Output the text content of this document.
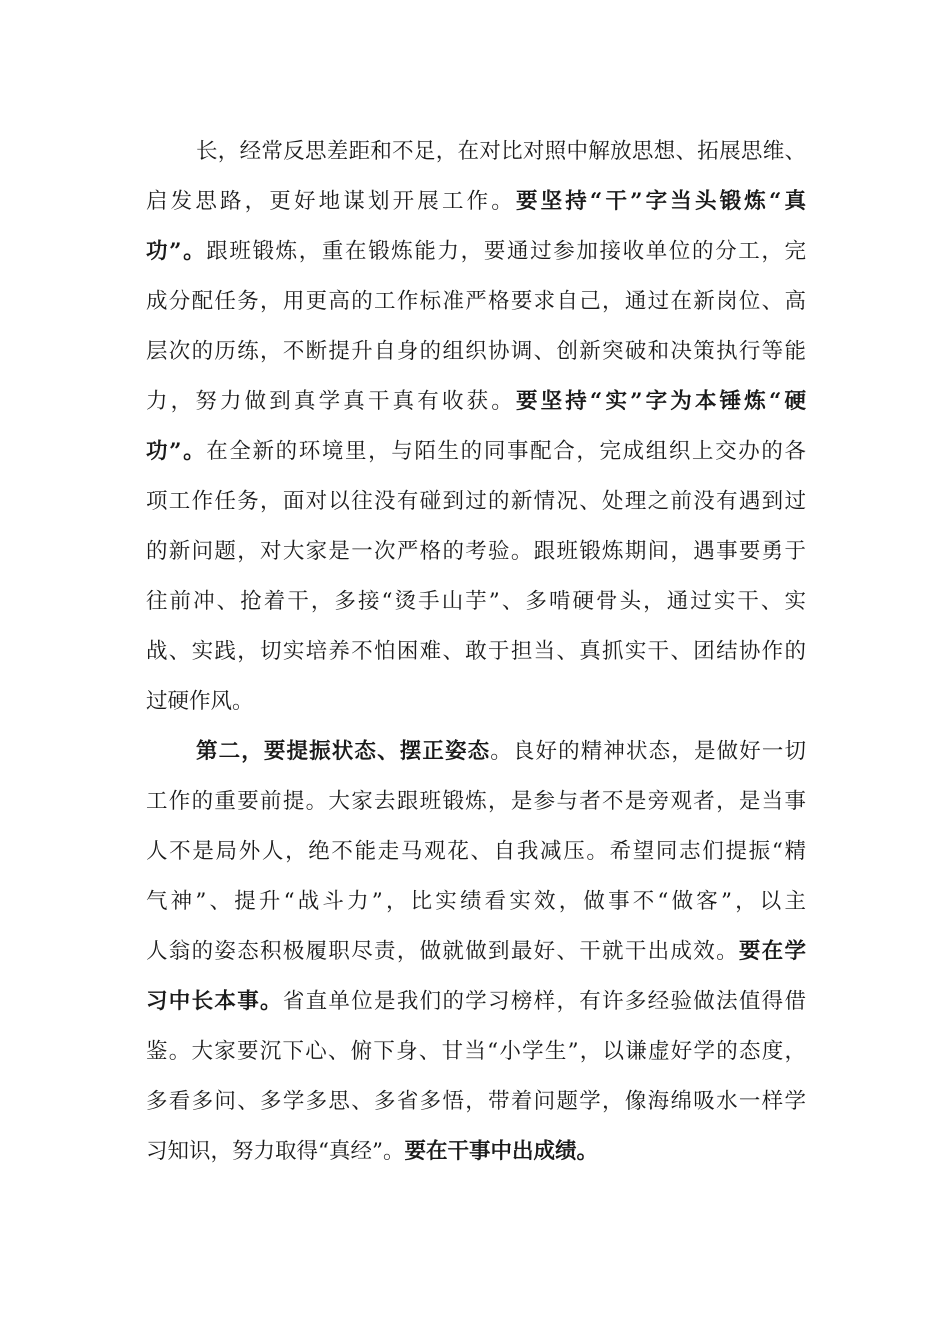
长，经常反思差距和不足，在对比对照中解放思想、拓展思维、
启发思路，更好地谋划开展工作。要坚持“干”字当头锻炼“真
功”。跟班锻炼，重在锻炼能力，要通过参加接收单位的分工，完
成分配任务，用更高的工作标准严格要求自己，通过在新岗位、高
层次的历练，不断提升自身的组织协调、创新突破和决策执行等能
力，努力做到真学真干真有收获。要坚持“实”字为本锤炼“硬
功”。在全新的环境里，与陌生的同事配合，完成组织上交办的各
项工作任务，面对以往没有碰到过的新情况、处理之前没有遇到过
的新问题，对大家是一次严格的考验。跟班锻炼期间，遇事要勇于
往前冲、抢着干，多接“烫手山芋”、多啃硬骨头，通过实干、实
战、实践，切实培养不怕困难、敢于担当、真抓实干、团结协作的
过硬作风。
第二，要提振状态、摆正姿态。良好的精神状态，是做好一切
工作的重要前提。大家去跟班锻炼，是参与者不是旁观者，是当事
人不是局外人，绝不能走马观花、自我减压。希望同志们提振“精
气神”、提升“战斗力”，比实绩看实效，做事不“做客”，以主
人翁的姿态积极履职尽责，做就做到最好、干就干出成效。要在学
习中长本事。省直单位是我们的学习榜样，有许多经验做法值得借
鉴。大家要沉下心、俯下身、甘当“小学生”，以谦虚好学的态度，
多看多问、多学多思、多省多悟，带着问题学，像海绵吸水一样学
习知识，努力取得“真经”。要在干事中出成绩。
